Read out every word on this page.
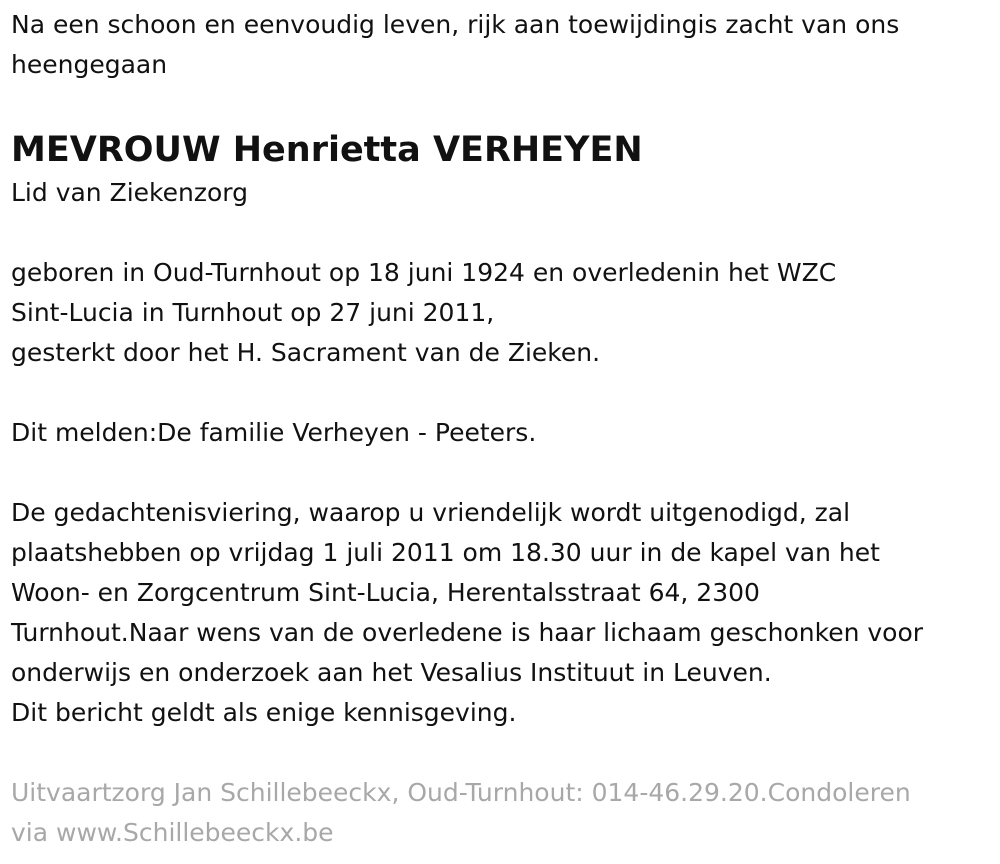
Na een schoon en eenvoudig leven, rijk aan toewijdingis zacht van ons
heengegaan

MEVROUW Henrietta VERHEYEN

Lid van Ziekenzorg

geboren in Oud-Turnhout op 18 juni 1924 en overledenin het WZC
Sint-Lucia in Turnhout op 27 juni 2011,
gesterkt door het H. Sacrament van de Zieken.

Dit melden:De familie Verheyen - Peeters.

De gedachtenisviering, waarop u vriendelijk wordt uitgenodigd, zal
plaatshebben op vrijdag 1 juli 2011 om 18.30 uur in de kapel van het
Woon- en Zorgcentrum Sint-Lucia, Herentalsstraat 64, 2300
Turnhout.Naar wens van de overledene is haar lichaam geschonken voor
onderwijs en onderzoek aan het Vesalius Instituut in Leuven.
Dit bericht geldt als enige kennisgeving.

Uitvaartzorg Jan Schillebeeckx, Oud-Turnhout: 014-46.29.20.Condoleren
via www.Schillebeeckx.be
